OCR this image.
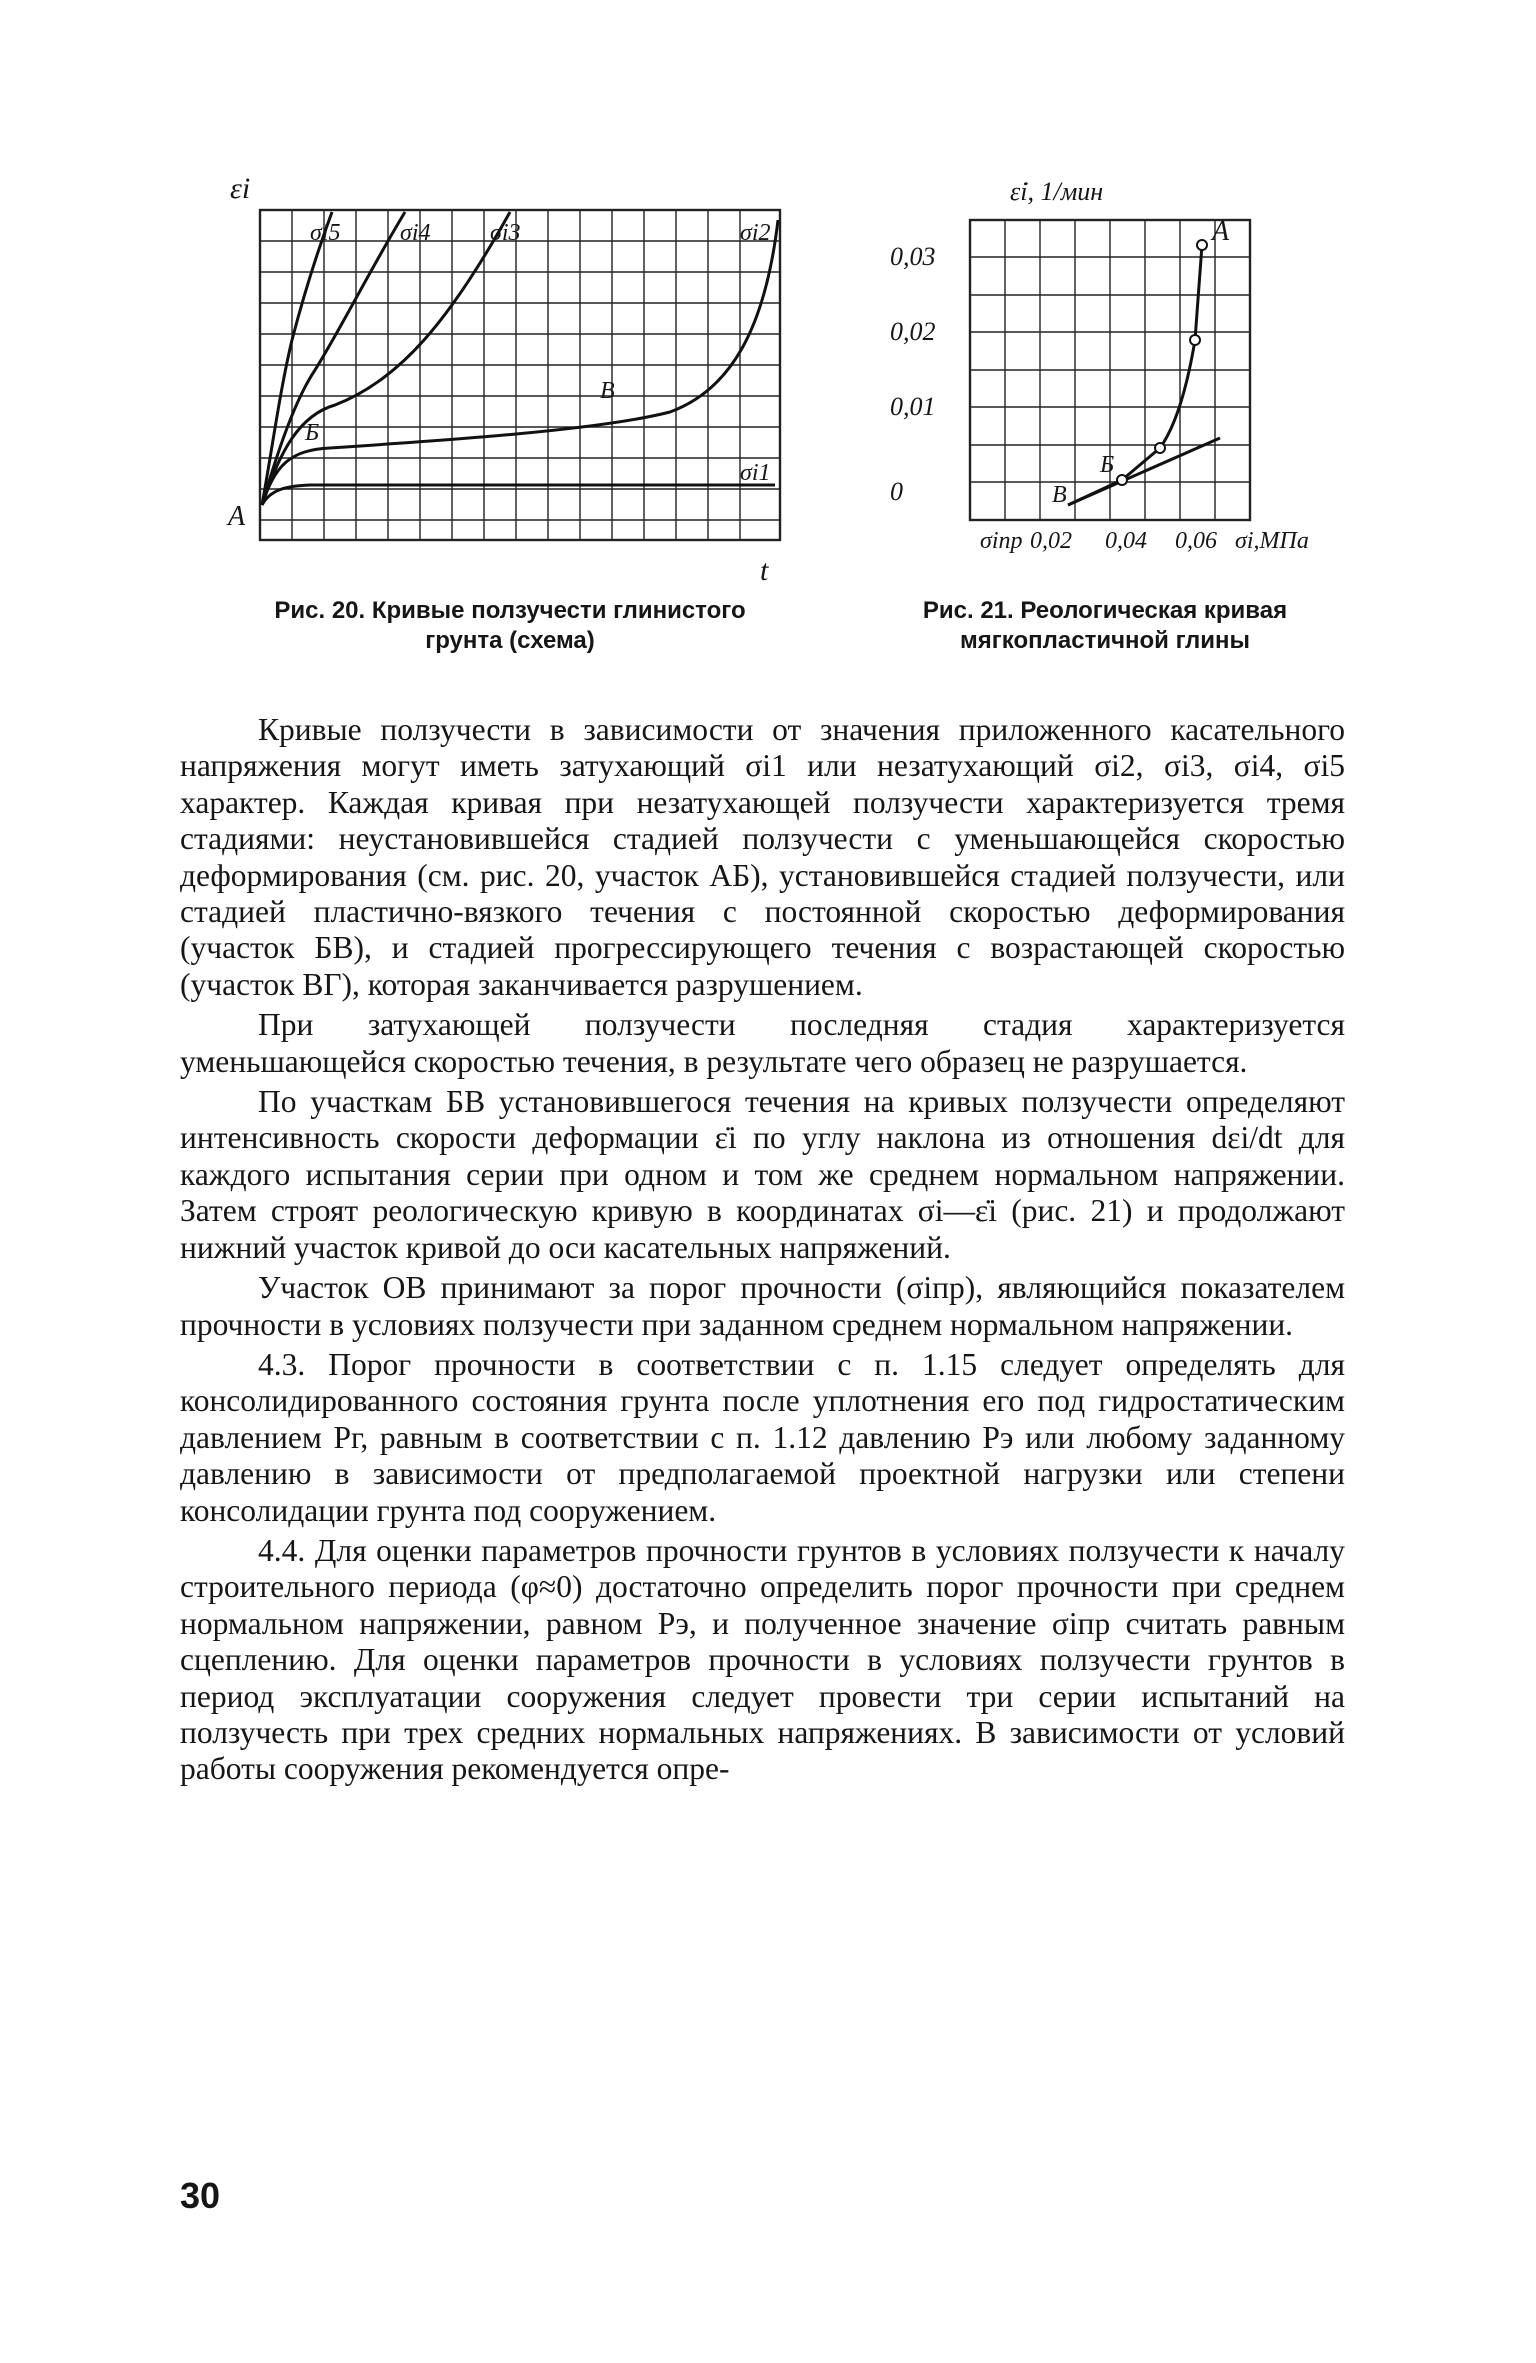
εi
t
A
Б
В
σi5 σi4 σi3	σi2
σi1
Рис. 20. Кривые ползучести глинистого
грунта (схема)
ε̇i, 1/мин
0,03
0,02
0,01
0
σiпр 0,02 0,04 0,06 σi,МПа
A
Б
В
Рис. 21. Реологическая кривая
мягкопластичной глины

Кривые ползучести в зависимости от значения приложенного касательного напряжения могут иметь затухающий σi1 или незатухающий σi2, σi3, σi4, σi5 характер. Каждая кривая при незатухающей ползучести характеризуется тремя стадиями: неустановившейся стадией ползучести с уменьшающейся скоростью деформирования (см. рис. 20, участок АБ), установившейся стадией ползучести, или стадией пластично-вязкого течения с постоянной скоростью деформирования (участок БВ), и стадией прогрессирующего течения с возрастающей скоростью (участок ВГ), которая заканчивается разрушением.

При затухающей ползучести последняя стадия характеризуется уменьшающейся скоростью течения, в результате чего образец не разрушается.

По участкам БВ установившегося течения на кривых ползучести определяют интенсивность скорости деформации ε̇i по углу наклона из отношения dεi/dt для каждого испытания серии при одном и том же среднем нормальном напряжении. Затем строят реологическую кривую в координатах σi—ε̇i (рис. 21) и продолжают нижний участок кривой до оси касательных напряжений.

Участок ОВ принимают за порог прочности (σiпр), являющийся показателем прочности в условиях ползучести при заданном среднем нормальном напряжении.

4.3. Порог прочности в соответствии с п. 1.15 следует определять для консолидированного состояния грунта после уплотнения его под гидростатическим давлением Pг, равным в соответствии с п. 1.12 давлению Pэ или любому заданному давлению в зависимости от предполагаемой проектной нагрузки или степени консолидации грунта под сооружением.

4.4. Для оценки параметров прочности грунтов в условиях ползучести к началу строительного периода (φ≈0) достаточно определить порог прочности при среднем нормальном напряжении, равном Pэ, и полученное значение σiпр считать равным сцеплению. Для оценки параметров прочности в условиях ползучести грунтов в период эксплуатации сооружения следует провести три серии испытаний на ползучесть при трех средних нормальных напряжениях. В зависимости от условий работы сооружения рекомендуется опре-

30
